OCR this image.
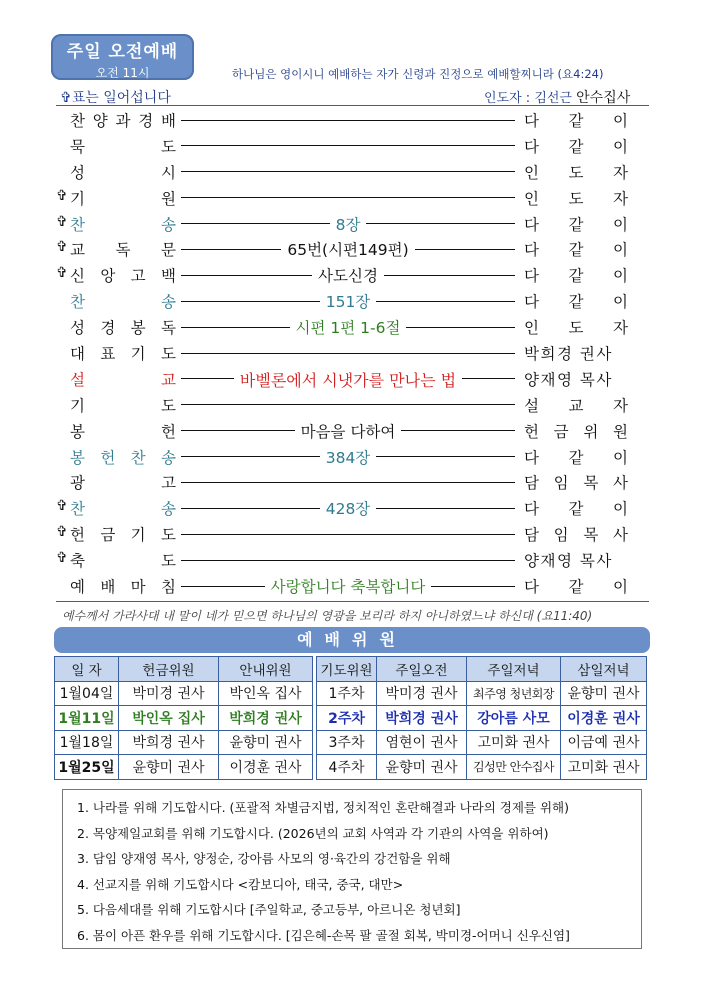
주일 오전예배
오전 11시	하나님은 영이시니 예배하는 자가 신령과 진정으로 예배할찌니라 (요4:24)
✞표는 일어섭니다	인도자 : 김선근 안수집사
찬 양 과 경 배	다 같 이
묵	도	다 같 이
성	시	인 도 자
✞ 기	원	인 도 자
✞ 찬	송	8장	다 같 이
✞ 교 독 문	65번(시편149편)	다 같 이
✞ 신 앙 고 백	사도신경	다 같 이
찬	송	151장	다 같 이
성 경 봉 독	시편 1편 1-6절	인 도 자
대 표 기 도	박희경 권사
설	교	바벨론에서 시냇가를 만나는 법	양재영 목사
기	도	설 교 자
봉	헌	마음을 다하여	헌 금 위 원
봉 헌 찬 송	384장	다 같 이
광	고	담 임 목 사
✞ 찬	송	428장	다 같 이
✞ 헌 금 기 도	담 임 목 사
✞ 축	도	양재영 목사
예 배 마 침	사랑합니다 축복합니다	다 같 이
예수께서 가라사대 내 말이 네가 믿으면 하나님의 영광을 보리라 하지 아니하였느냐 하신대 (요11:40)
예배위원
일 자	헌금위원	안내위원
1월04일	박미경 권사	박인옥 집사
1월11일	박인옥 집사	박희경 권사
1월18일	박희경 권사	윤향미 권사
1월25일	윤향미 권사	이경훈 권사
기도위원	주일오전	주일저녁	삼일저녁
1주차	박미경 권사	최주영 청년회장	윤향미 권사
2주차	박희경 권사	강아름 사모	이경훈 권사
3주차	염현이 권사	고미화 권사	이금예 권사
4주차	윤향미 권사	김성만 안수집사	고미화 권사
1. 나라를 위해 기도합시다. (포괄적 차별금지법, 정치적인 혼란해결과 나라의 경제를 위해)
2. 목양제일교회를 위해 기도합시다. (2026년의 교회 사역과 각 기관의 사역을 위하여)
3. 담임 양재영 목사, 양정순, 강아름 사모의 영·육간의 강건함을 위해
4. 선교지를 위해 기도합시다 <캄보디아, 태국, 중국, 대만>
5. 다음세대를 위해 기도합시다 [주일학교, 중고등부, 아르니온 청년회]
6. 몸이 아픈 환우를 위해 기도합시다. [김은혜-손목 팔 골절 회복, 박미경-어머니 신우신염]
